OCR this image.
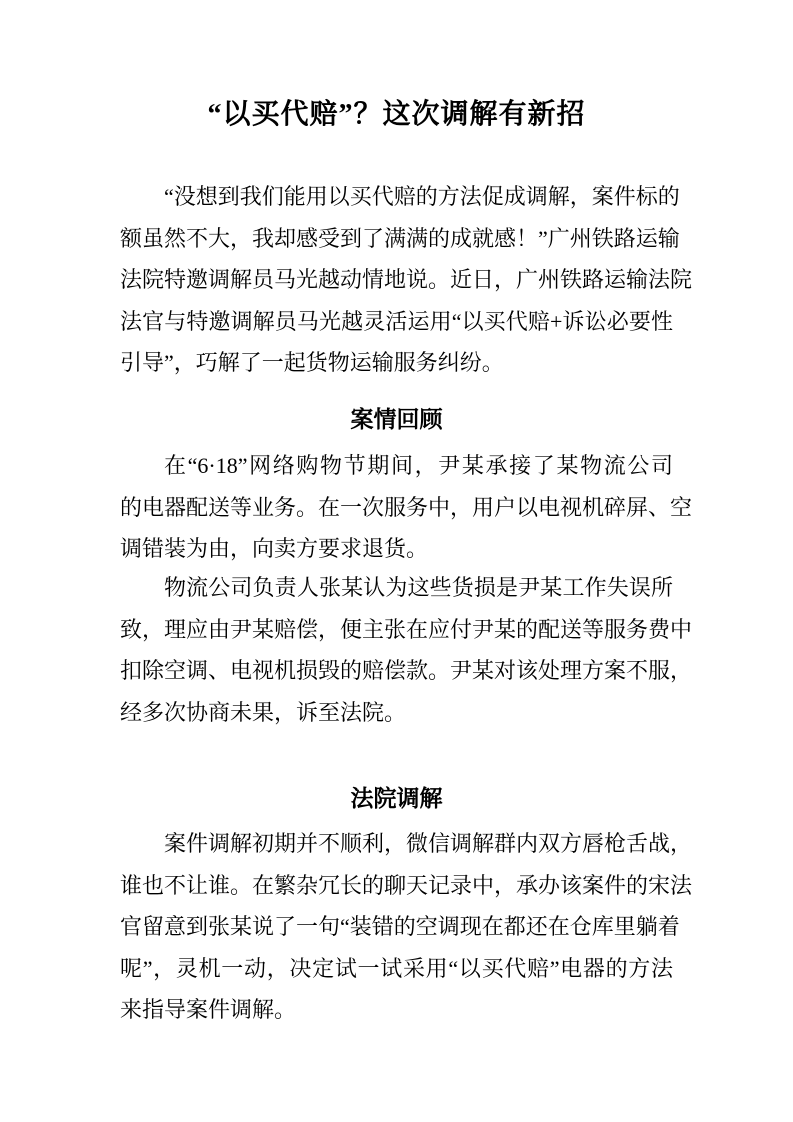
“以买代赔”？这次调解有新招
“没想到我们能用以买代赔的方法促成调解，案件标的
额虽然不大，我却感受到了满满的成就感！”广州铁路运输
法院特邀调解员马光越动情地说。近日，广州铁路运输法院
法官与特邀调解员马光越灵活运用“以买代赔+诉讼必要性
引导”，巧解了一起货物运输服务纠纷。
案情回顾
在“6·18”网络购物节期间，尹某承接了某物流公司
的电器配送等业务。在一次服务中，用户以电视机碎屏、空
调错装为由，向卖方要求退货。
物流公司负责人张某认为这些货损是尹某工作失误所
致，理应由尹某赔偿，便主张在应付尹某的配送等服务费中
扣除空调、电视机损毁的赔偿款。尹某对该处理方案不服，
经多次协商未果，诉至法院。
法院调解
案件调解初期并不顺利，微信调解群内双方唇枪舌战，
谁也不让谁。在繁杂冗长的聊天记录中，承办该案件的宋法
官留意到张某说了一句“装错的空调现在都还在仓库里躺着
呢”，灵机一动，决定试一试采用“以买代赔”电器的方法
来指导案件调解。
